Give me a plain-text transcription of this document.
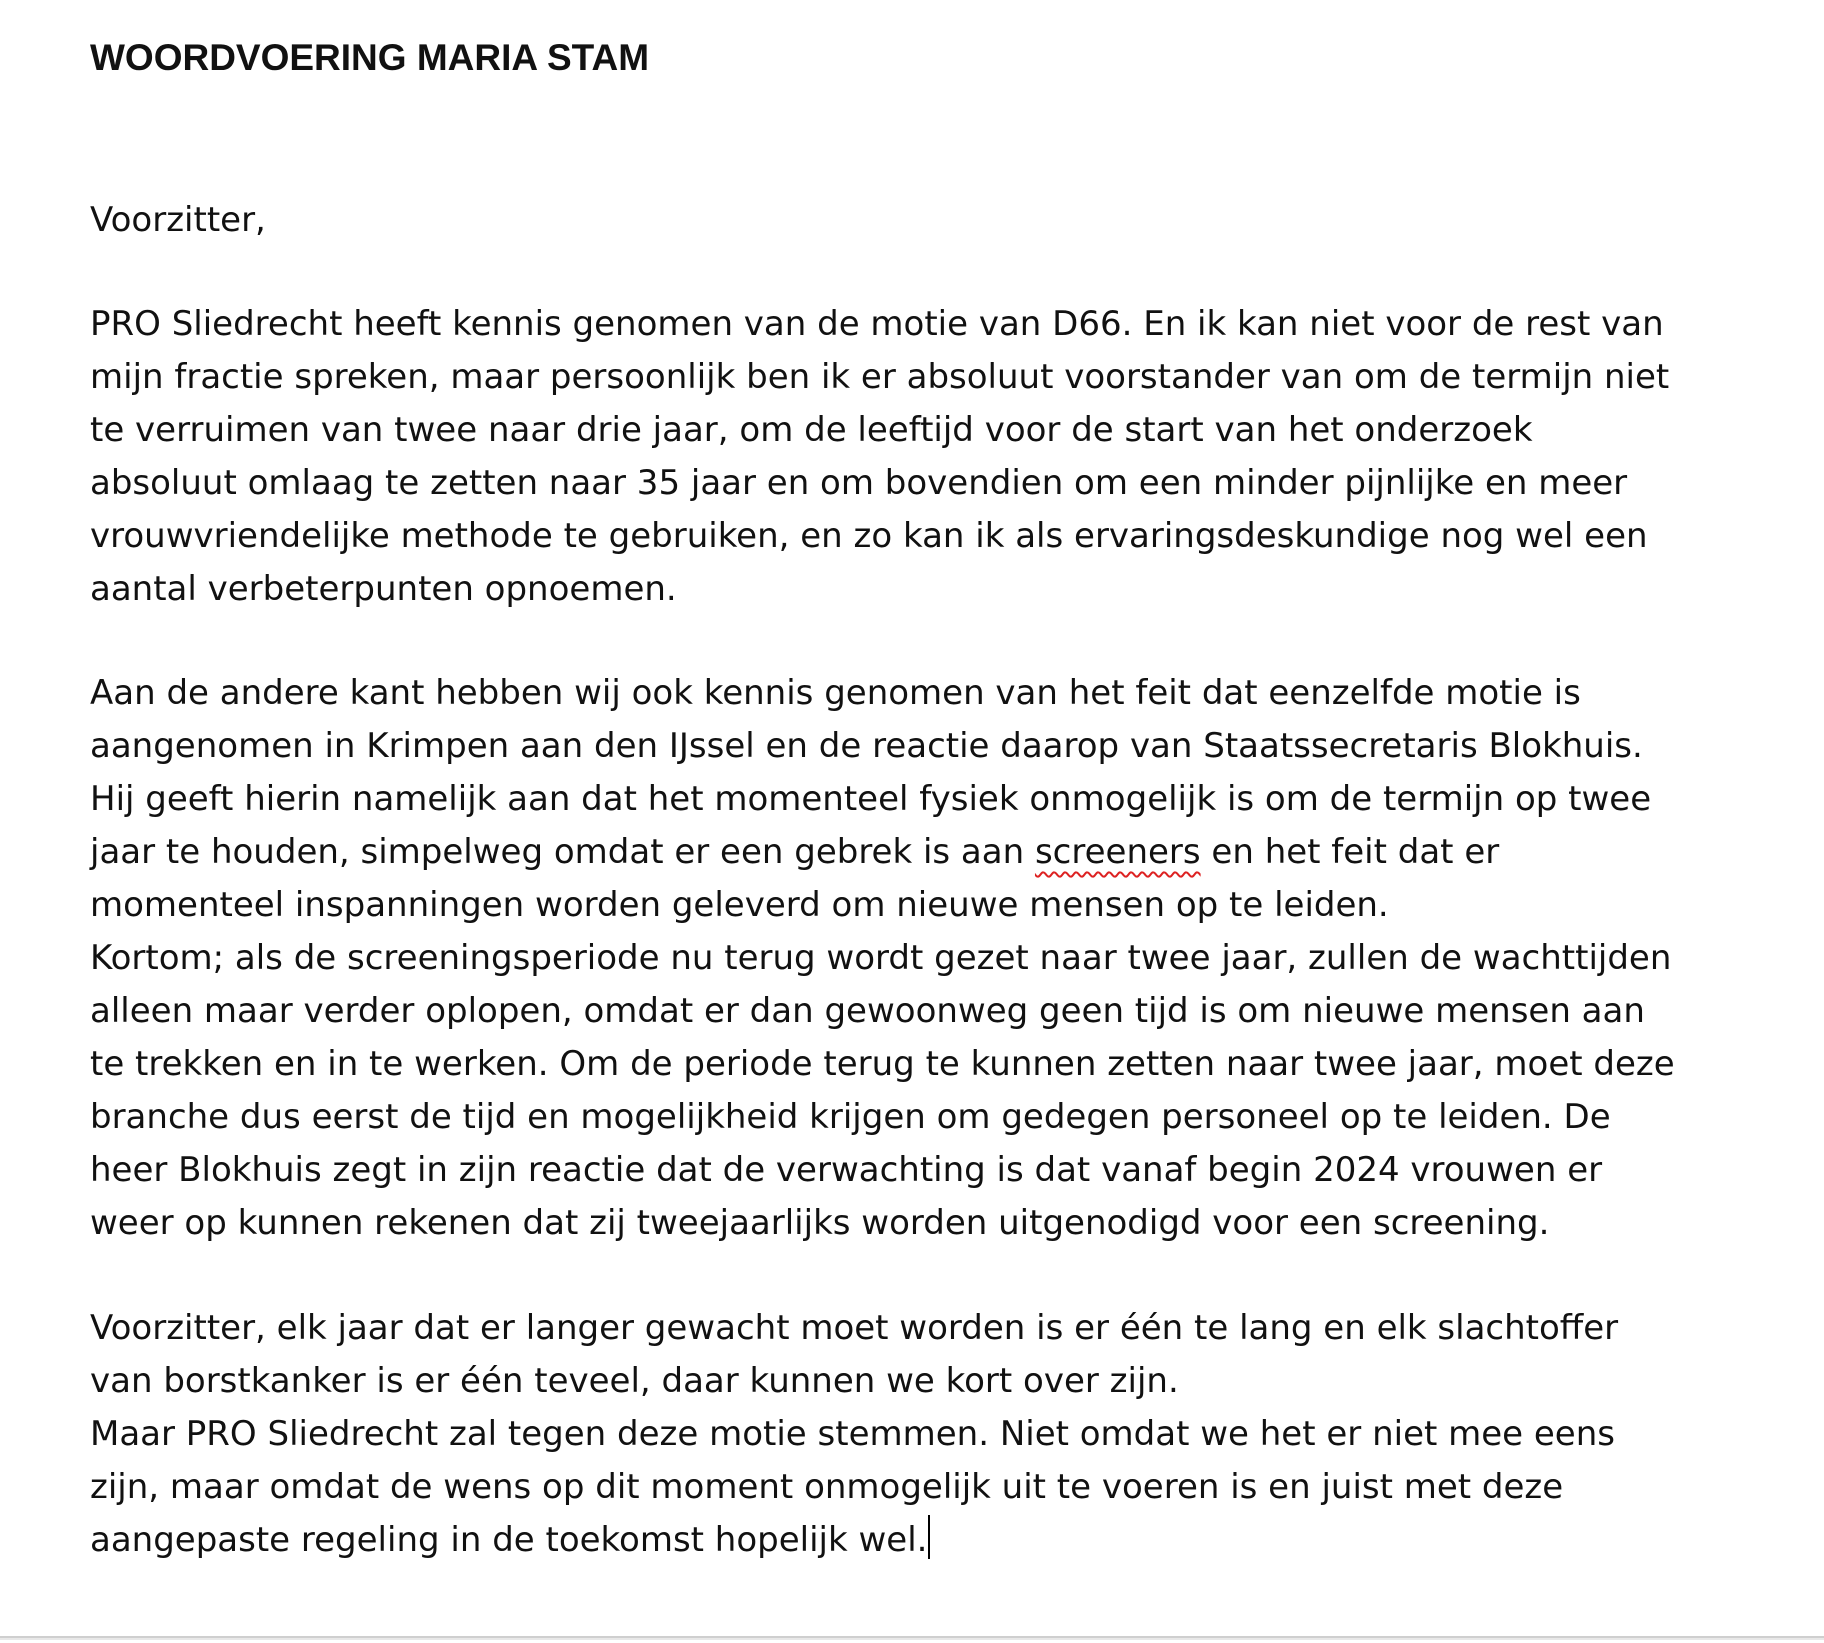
WOORDVOERING MARIA STAM

Voorzitter,

PRO Sliedrecht heeft kennis genomen van de motie van D66. En ik kan niet voor de rest van
mijn fractie spreken, maar persoonlijk ben ik er absoluut voorstander van om de termijn niet
te verruimen van twee naar drie jaar, om de leeftijd voor de start van het onderzoek
absoluut omlaag te zetten naar 35 jaar en om bovendien om een minder pijnlijke en meer
vrouwvriendelijke methode te gebruiken, en zo kan ik als ervaringsdeskundige nog wel een
aantal verbeterpunten opnoemen.

Aan de andere kant hebben wij ook kennis genomen van het feit dat eenzelfde motie is
aangenomen in Krimpen aan den IJssel en de reactie daarop van Staatssecretaris Blokhuis.
Hij geeft hierin namelijk aan dat het momenteel fysiek onmogelijk is om de termijn op twee
jaar te houden, simpelweg omdat er een gebrek is aan screeners en het feit dat er
momenteel inspanningen worden geleverd om nieuwe mensen op te leiden.
Kortom; als de screeningsperiode nu terug wordt gezet naar twee jaar, zullen de wachttijden
alleen maar verder oplopen, omdat er dan gewoonweg geen tijd is om nieuwe mensen aan
te trekken en in te werken. Om de periode terug te kunnen zetten naar twee jaar, moet deze
branche dus eerst de tijd en mogelijkheid krijgen om gedegen personeel op te leiden. De
heer Blokhuis zegt in zijn reactie dat de verwachting is dat vanaf begin 2024 vrouwen er
weer op kunnen rekenen dat zij tweejaarlijks worden uitgenodigd voor een screening.

Voorzitter, elk jaar dat er langer gewacht moet worden is er één te lang en elk slachtoffer
van borstkanker is er één teveel, daar kunnen we kort over zijn.
Maar PRO Sliedrecht zal tegen deze motie stemmen. Niet omdat we het er niet mee eens
zijn, maar omdat de wens op dit moment onmogelijk uit te voeren is en juist met deze
aangepaste regeling in de toekomst hopelijk wel.
